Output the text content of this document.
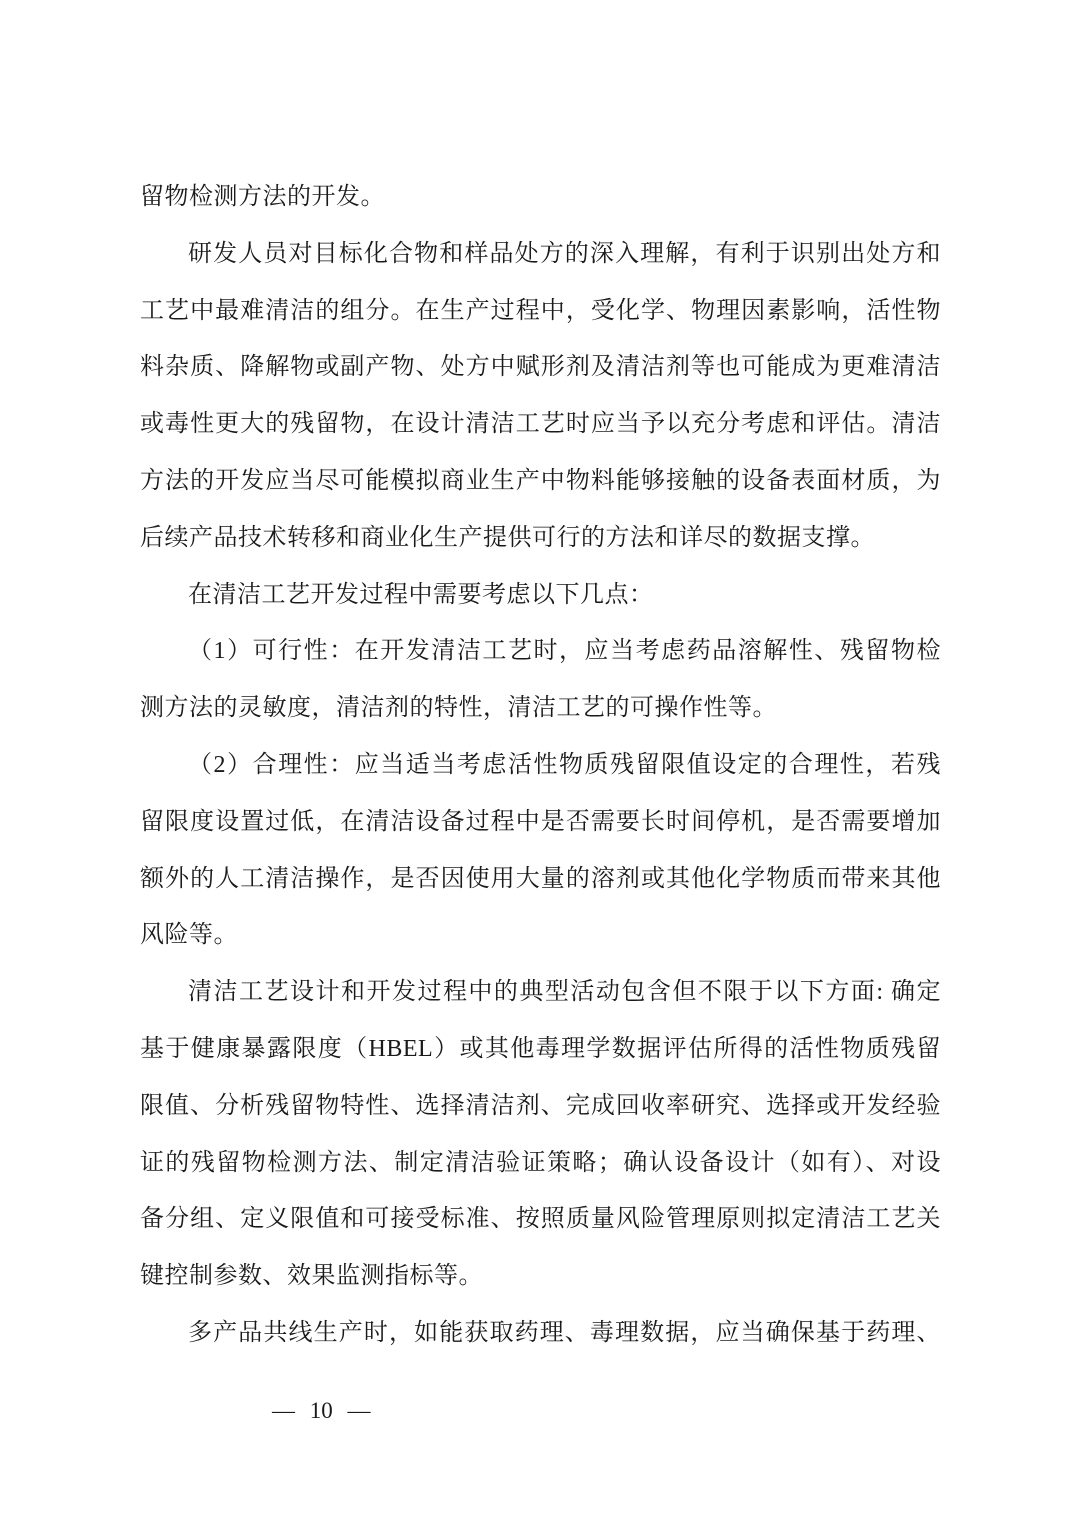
留物检测方法的开发。

研发人员对目标化合物和样品处方的深入理解，有利于识别出处方和

工艺中最难清洁的组分。在生产过程中，受化学、物理因素影响，活性物

料杂质、降解物或副产物、处方中赋形剂及清洁剂等也可能成为更难清洁

或毒性更大的残留物，在设计清洁工艺时应当予以充分考虑和评估。清洁

方法的开发应当尽可能模拟商业生产中物料能够接触的设备表面材质，为

后续产品技术转移和商业化生产提供可行的方法和详尽的数据支撑。

在清洁工艺开发过程中需要考虑以下几点：

（1）可行性：在开发清洁工艺时，应当考虑药品溶解性、残留物检

测方法的灵敏度，清洁剂的特性，清洁工艺的可操作性等。

（2）合理性：应当适当考虑活性物质残留限值设定的合理性，若残

留限度设置过低，在清洁设备过程中是否需要长时间停机，是否需要增加

额外的人工清洁操作，是否因使用大量的溶剂或其他化学物质而带来其他

风险等。

清洁工艺设计和开发过程中的典型活动包含但不限于以下方面: 确定

基于健康暴露限度（HBEL）或其他毒理学数据评估所得的活性物质残留

限值、分析残留物特性、选择清洁剂、完成回收率研究、选择或开发经验

证的残留物检测方法、制定清洁验证策略；确认设备设计（如有）、对设

备分组、定义限值和可接受标准、按照质量风险管理原则拟定清洁工艺关

键控制参数、效果监测指标等。

多产品共线生产时，如能获取药理、毒理数据，应当确保基于药理、

— 10 —
